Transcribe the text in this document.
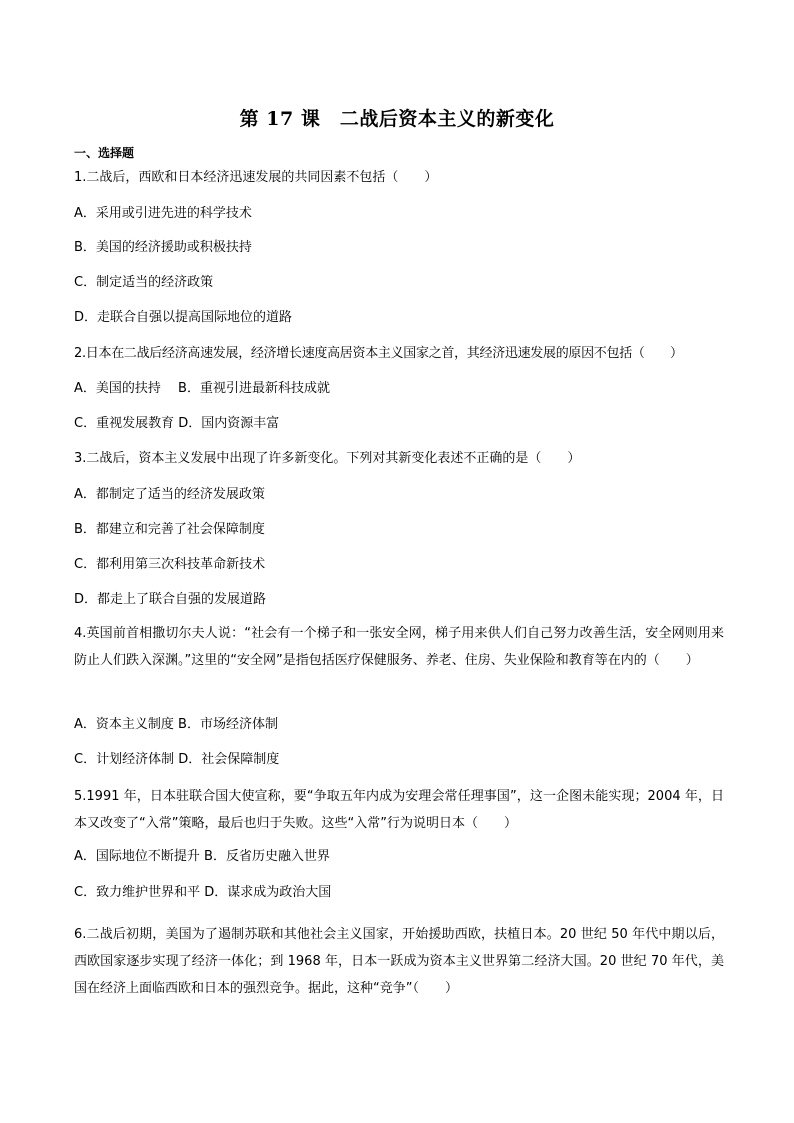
第 17 课　二战后资本主义的新变化
一、选择题
1.二战后，西欧和日本经济迅速发展的共同因素不包括（　　）
A．采用或引进先进的科学技术
B．美国的经济援助或积极扶持
C．制定适当的经济政策
D．走联合自强以提高国际地位的道路
2.日本在二战后经济高速发展，经济增长速度高居资本主义国家之首，其经济迅速发展的原因不包括（　　）
A．美国的扶持　 B．重视引进最新科技成就
C．重视发展教育 D．国内资源丰富
3.二战后，资本主义发展中出现了许多新变化。下列对其新变化表述不正确的是（　　）
A．都制定了适当的经济发展政策
B．都建立和完善了社会保障制度
C．都利用第三次科技革命新技术
D．都走上了联合自强的发展道路
4.英国前首相撒切尔夫人说：“社会有一个梯子和一张安全网，梯子用来供人们自己努力改善生活，安全网则用来防止人们跌入深渊。”这里的“安全网”是指包括医疗保健服务、养老、住房、失业保险和教育等在内的（　　）
A．资本主义制度 B．市场经济体制
C．计划经济体制 D．社会保障制度
5.1991 年，日本驻联合国大使宣称，要“争取五年内成为安理会常任理事国”，这一企图未能实现；2004 年，日本又改变了“入常”策略，最后也归于失败。这些“入常”行为说明日本（　　）
A．国际地位不断提升 B．反省历史融入世界
C．致力维护世界和平 D．谋求成为政治大国
6.二战后初期，美国为了遏制苏联和其他社会主义国家，开始援助西欧，扶植日本。20 世纪 50 年代中期以后，西欧国家逐步实现了经济一体化；到 1968 年，日本一跃成为资本主义世界第二经济大国。20 世纪 70 年代，美国在经济上面临西欧和日本的强烈竞争。据此，这种“竞争”（　　）
